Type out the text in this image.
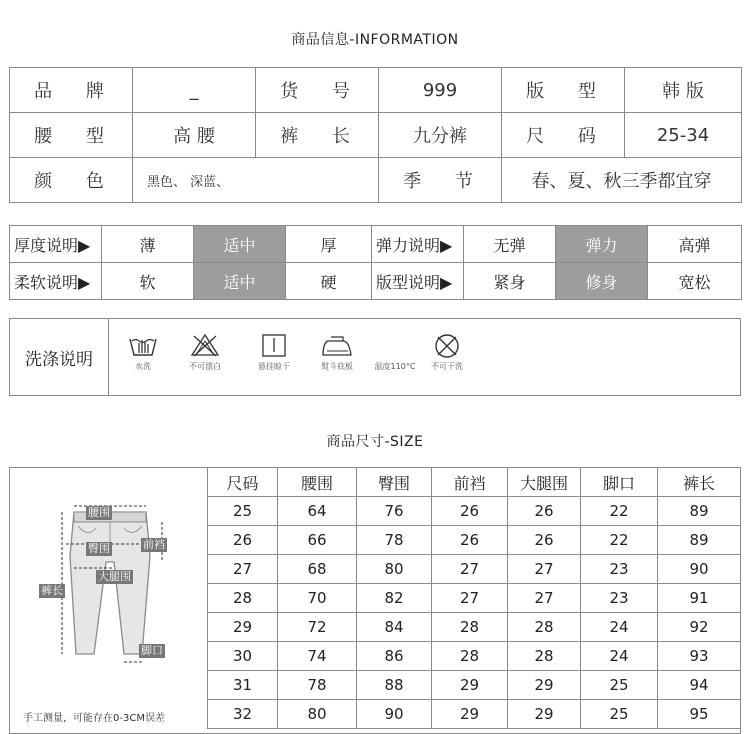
商品信息-INFORMATION
品 牌	_	货 号	999	版 型	韩 版
腰 型	高 腰	裤 长	九分裤	尺 码	25-34
颜 色	黑色、 深蓝、		季 节	春、夏、秋三季都宜穿	
厚度说明▶	薄	适中	厚	弹力说明▶	无弹	弹力	高弹
柔软说明▶	软	适中	硬	版型说明▶	紧身	修身	宽松
洗涤说明	水洗	不可漂白	悬挂晾干	熨斗底板	温度110°C	不可干洗
商品尺寸-SIZE
腰围
臀围	前裆
大腿围
裤长
脚口
手工测量，可能存在0-3CM误差
尺码	腰围	臀围	前裆	大腿围	脚口	裤长
25	64	76	26	26	22	89
26	66	78	26	26	22	89
27	68	80	27	27	23	90
28	70	82	27	27	23	91
29	72	84	28	28	24	92
30	74	86	28	28	24	93
31	78	88	29	29	25	94
32	80	90	29	29	25	95
